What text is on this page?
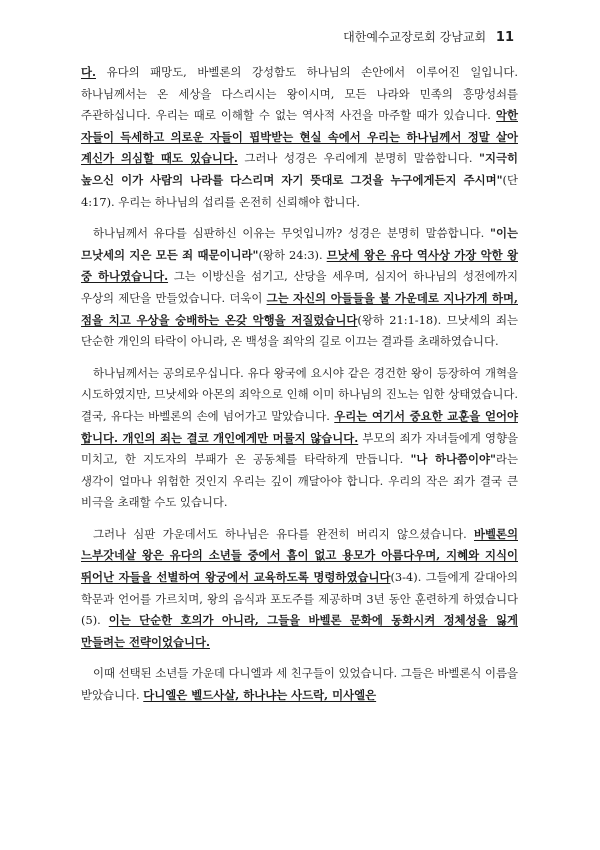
대한예수교장로회 강남교회 11

다. 유다의 패망도, 바벨론의 강성함도 하나님의 손안에서 이루어진 일입니다. 하나님께서는 온 세상을 다스리시는 왕이시며, 모든 나라와 민족의 흥망성쇠를 주관하십니다. 우리는 때로 이해할 수 없는 역사적 사건을 마주할 때가 있습니다. 악한 자들이 득세하고 의로운 자들이 핍박받는 현실 속에서 우리는 하나님께서 정말 살아 계신가 의심할 때도 있습니다. 그러나 성경은 우리에게 분명히 말씀합니다. "지극히 높으신 이가 사람의 나라를 다스리며 자기 뜻대로 그것을 누구에게든지 주시며"(단 4:17). 우리는 하나님의 섭리를 온전히 신뢰해야 합니다.

하나님께서 유다를 심판하신 이유는 무엇입니까? 성경은 분명히 말씀합니다. "이는 므낫세의 지은 모든 죄 때문이니라"(왕하 24:3). 므낫세 왕은 유다 역사상 가장 악한 왕 중 하나였습니다. 그는 이방신을 섬기고, 산당을 세우며, 심지어 하나님의 성전에까지 우상의 제단을 만들었습니다. 더욱이 그는 자신의 아들들을 불 가운데로 지나가게 하며, 점을 치고 우상을 숭배하는 온갖 악행을 저질렀습니다(왕하 21:1-18). 므낫세의 죄는 단순한 개인의 타락이 아니라, 온 백성을 죄악의 길로 이끄는 결과를 초래하였습니다.

하나님께서는 공의로우십니다. 유다 왕국에 요시야 같은 경건한 왕이 등장하여 개혁을 시도하였지만, 므낫세와 아몬의 죄악으로 인해 이미 하나님의 진노는 임한 상태였습니다. 결국, 유다는 바벨론의 손에 넘어가고 말았습니다. 우리는 여기서 중요한 교훈을 얻어야 합니다. 개인의 죄는 결코 개인에게만 머물지 않습니다. 부모의 죄가 자녀들에게 영향을 미치고, 한 지도자의 부패가 온 공동체를 타락하게 만듭니다. "나 하나쯤이야"라는 생각이 얼마나 위험한 것인지 우리는 깊이 깨달아야 합니다. 우리의 작은 죄가 결국 큰 비극을 초래할 수도 있습니다.

그러나 심판 가운데서도 하나님은 유다를 완전히 버리지 않으셨습니다. 바벨론의 느부갓네살 왕은 유다의 소년들 중에서 흠이 없고 용모가 아름다우며, 지혜와 지식이 뛰어난 자들을 선별하여 왕궁에서 교육하도록 명령하였습니다(3-4). 그들에게 갈대아의 학문과 언어를 가르치며, 왕의 음식과 포도주를 제공하며 3년 동안 훈련하게 하였습니다(5). 이는 단순한 호의가 아니라, 그들을 바벨론 문화에 동화시켜 정체성을 잃게 만들려는 전략이었습니다.

이때 선택된 소년들 가운데 다니엘과 세 친구들이 있었습니다. 그들은 바벨론식 이름을 받았습니다. 다니엘은 벨드사살, 하나냐는 사드락, 미사엘은
